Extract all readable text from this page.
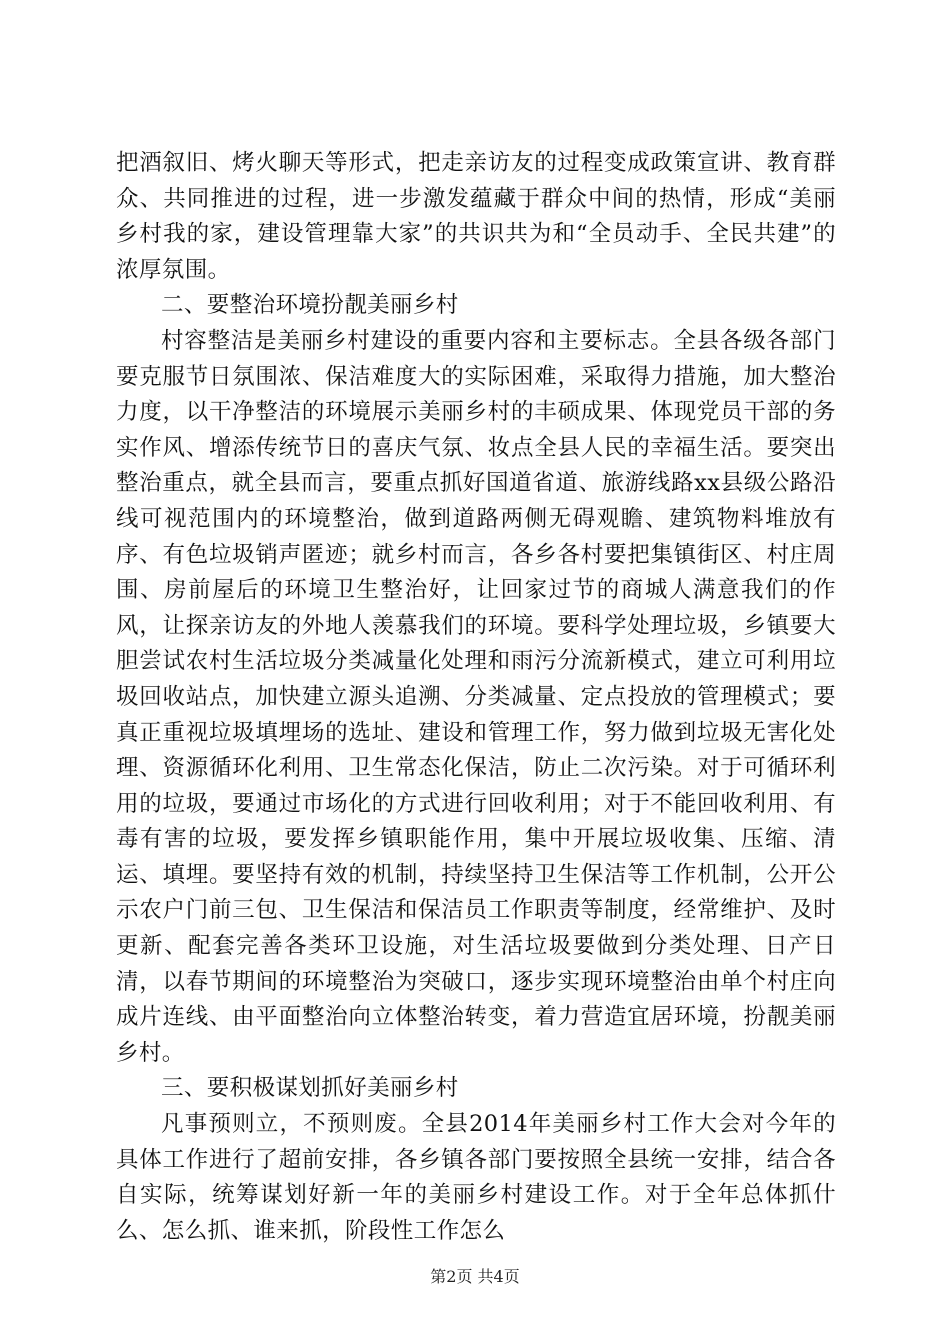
把酒叙旧、烤火聊天等形式，把走亲访友的过程变成政策宣讲、教育群众、共同推进的过程，进一步激发蕴藏于群众中间的热情，形成“美丽乡村我的家，建设管理靠大家”的共识共为和“全员动手、全民共建”的浓厚氛围。

二、要整治环境扮靓美丽乡村

村容整洁是美丽乡村建设的重要内容和主要标志。全县各级各部门要克服节日氛围浓、保洁难度大的实际困难，采取得力措施，加大整治力度，以干净整洁的环境展示美丽乡村的丰硕成果、体现党员干部的务实作风、增添传统节日的喜庆气氛、妆点全县人民的幸福生活。要突出整治重点，就全县而言，要重点抓好国道省道、旅游线路xx县级公路沿线可视范围内的环境整治，做到道路两侧无碍观瞻、建筑物料堆放有序、有色垃圾销声匿迹；就乡村而言，各乡各村要把集镇街区、村庄周围、房前屋后的环境卫生整治好，让回家过节的商城人满意我们的作风，让探亲访友的外地人羡慕我们的环境。要科学处理垃圾，乡镇要大胆尝试农村生活垃圾分类减量化处理和雨污分流新模式，建立可利用垃圾回收站点，加快建立源头追溯、分类减量、定点投放的管理模式；要真正重视垃圾填埋场的选址、建设和管理工作，努力做到垃圾无害化处理、资源循环化利用、卫生常态化保洁，防止二次污染。对于可循环利用的垃圾，要通过市场化的方式进行回收利用；对于不能回收利用、有毒有害的垃圾，要发挥乡镇职能作用，集中开展垃圾收集、压缩、清运、填埋。要坚持有效的机制，持续坚持卫生保洁等工作机制，公开公示农户门前三包、卫生保洁和保洁员工作职责等制度，经常维护、及时更新、配套完善各类环卫设施，对生活垃圾要做到分类处理、日产日清，以春节期间的环境整治为突破口，逐步实现环境整治由单个村庄向成片连线、由平面整治向立体整治转变，着力营造宜居环境，扮靓美丽乡村。

三、要积极谋划抓好美丽乡村

凡事预则立，不预则废。全县2014年美丽乡村工作大会对今年的具体工作进行了超前安排，各乡镇各部门要按照全县统一安排，结合各自实际，统筹谋划好新一年的美丽乡村建设工作。对于全年总体抓什么、怎么抓、谁来抓，阶段性工作怎么

第2页 共4页
